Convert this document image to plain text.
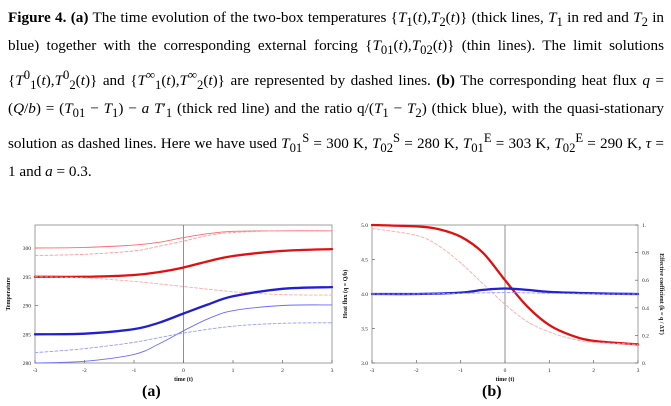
Figure 4. (a) The time evolution of the two-box temperatures $\{T_1(t),T_2(t)\}$ (thick lines, $T_1$ in red and $T_2$ in blue) together with the corresponding external forcing $\{T_{01}(t),T_{02}(t)\}$ (thin lines). The limit solutions $\{T^0_1(t),T^0_2(t)\}$ and $\{T^\infty_1(t),T^\infty_2(t)\}$ are represented by dashed lines. (b) The corresponding heat flux $q = (Q/b) = (T_{01} - T_1) - a$ $T'_1$ (thick red line) and the ratio $q/(T_1 - T_2)$ (thick blue), with the quasi-stationary solution as dashed lines. Here we have used $T_{01}^S = 300$ K, $T_{02}^S = 280$ K, $T_{01}^E = 303$ K, $T_{02}^E = 290$ K, τ = 1 and a = 0.3.
-3	-2	-1	0	1	2	3
280
285
290
295
300
time (t)
Temperature
-3	-2	-1	0	1	2	3
3.0
3.5
4.0
4.5
5.0
0.
0.2
0.4
0.6
0.8
1.
Effective coefficient (k = q / ΔT)
time (t)
Heat flux (q = Q/b)
(a)	(b)
